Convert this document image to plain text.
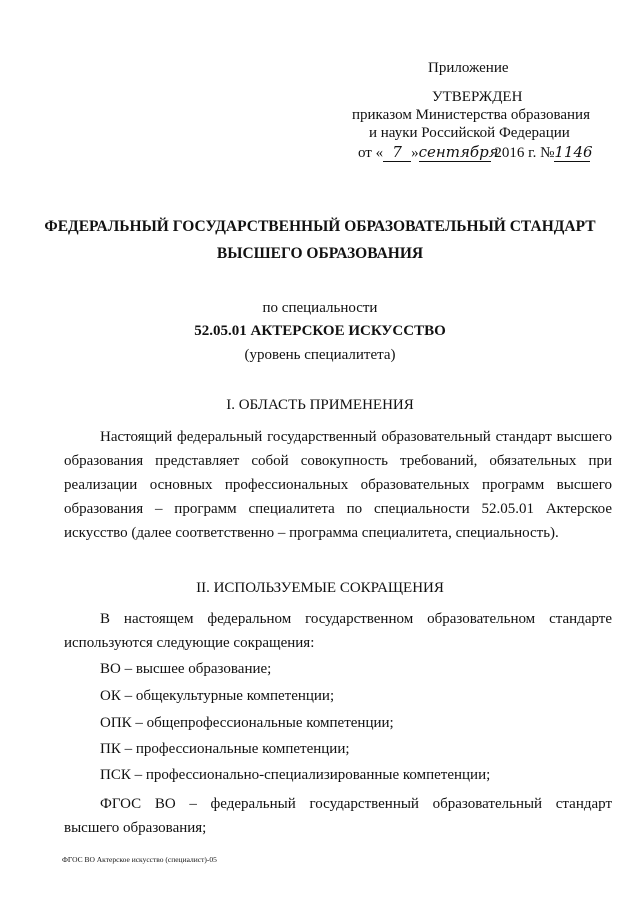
Приложение
УТВЕРЖДЕН
приказом Министерства образования
и науки Российской Федерации
от « 7 »сентября 2016 г. №1146
ФЕДЕРАЛЬНЫЙ ГОСУДАРСТВЕННЫЙ ОБРАЗОВАТЕЛЬНЫЙ СТАНДАРТ
ВЫСШЕГО ОБРАЗОВАНИЯ
по специальности
52.05.01 АКТЕРСКОЕ ИСКУССТВО
(уровень специалитета)
I. ОБЛАСТЬ ПРИМЕНЕНИЯ
Настоящий федеральный государственный образовательный стандарт высшего
образования представляет собой совокупность требований, обязательных при
реализации основных профессиональных образовательных программ высшего
образования – программ специалитета по специальности 52.05.01 Актерское
искусство (далее соответственно – программа специалитета, специальность).
II. ИСПОЛЬЗУЕМЫЕ СОКРАЩЕНИЯ
В настоящем федеральном государственном образовательном стандарте
используются следующие сокращения:
ВО – высшее образование;
ОК – общекультурные компетенции;
ОПК – общепрофессиональные компетенции;
ПК – профессиональные компетенции;
ПСК – профессионально-специализированные компетенции;
ФГОС ВО – федеральный государственный образовательный стандарт
высшего образования;
ФГОС ВО Актерское искусство (специалист)-05
